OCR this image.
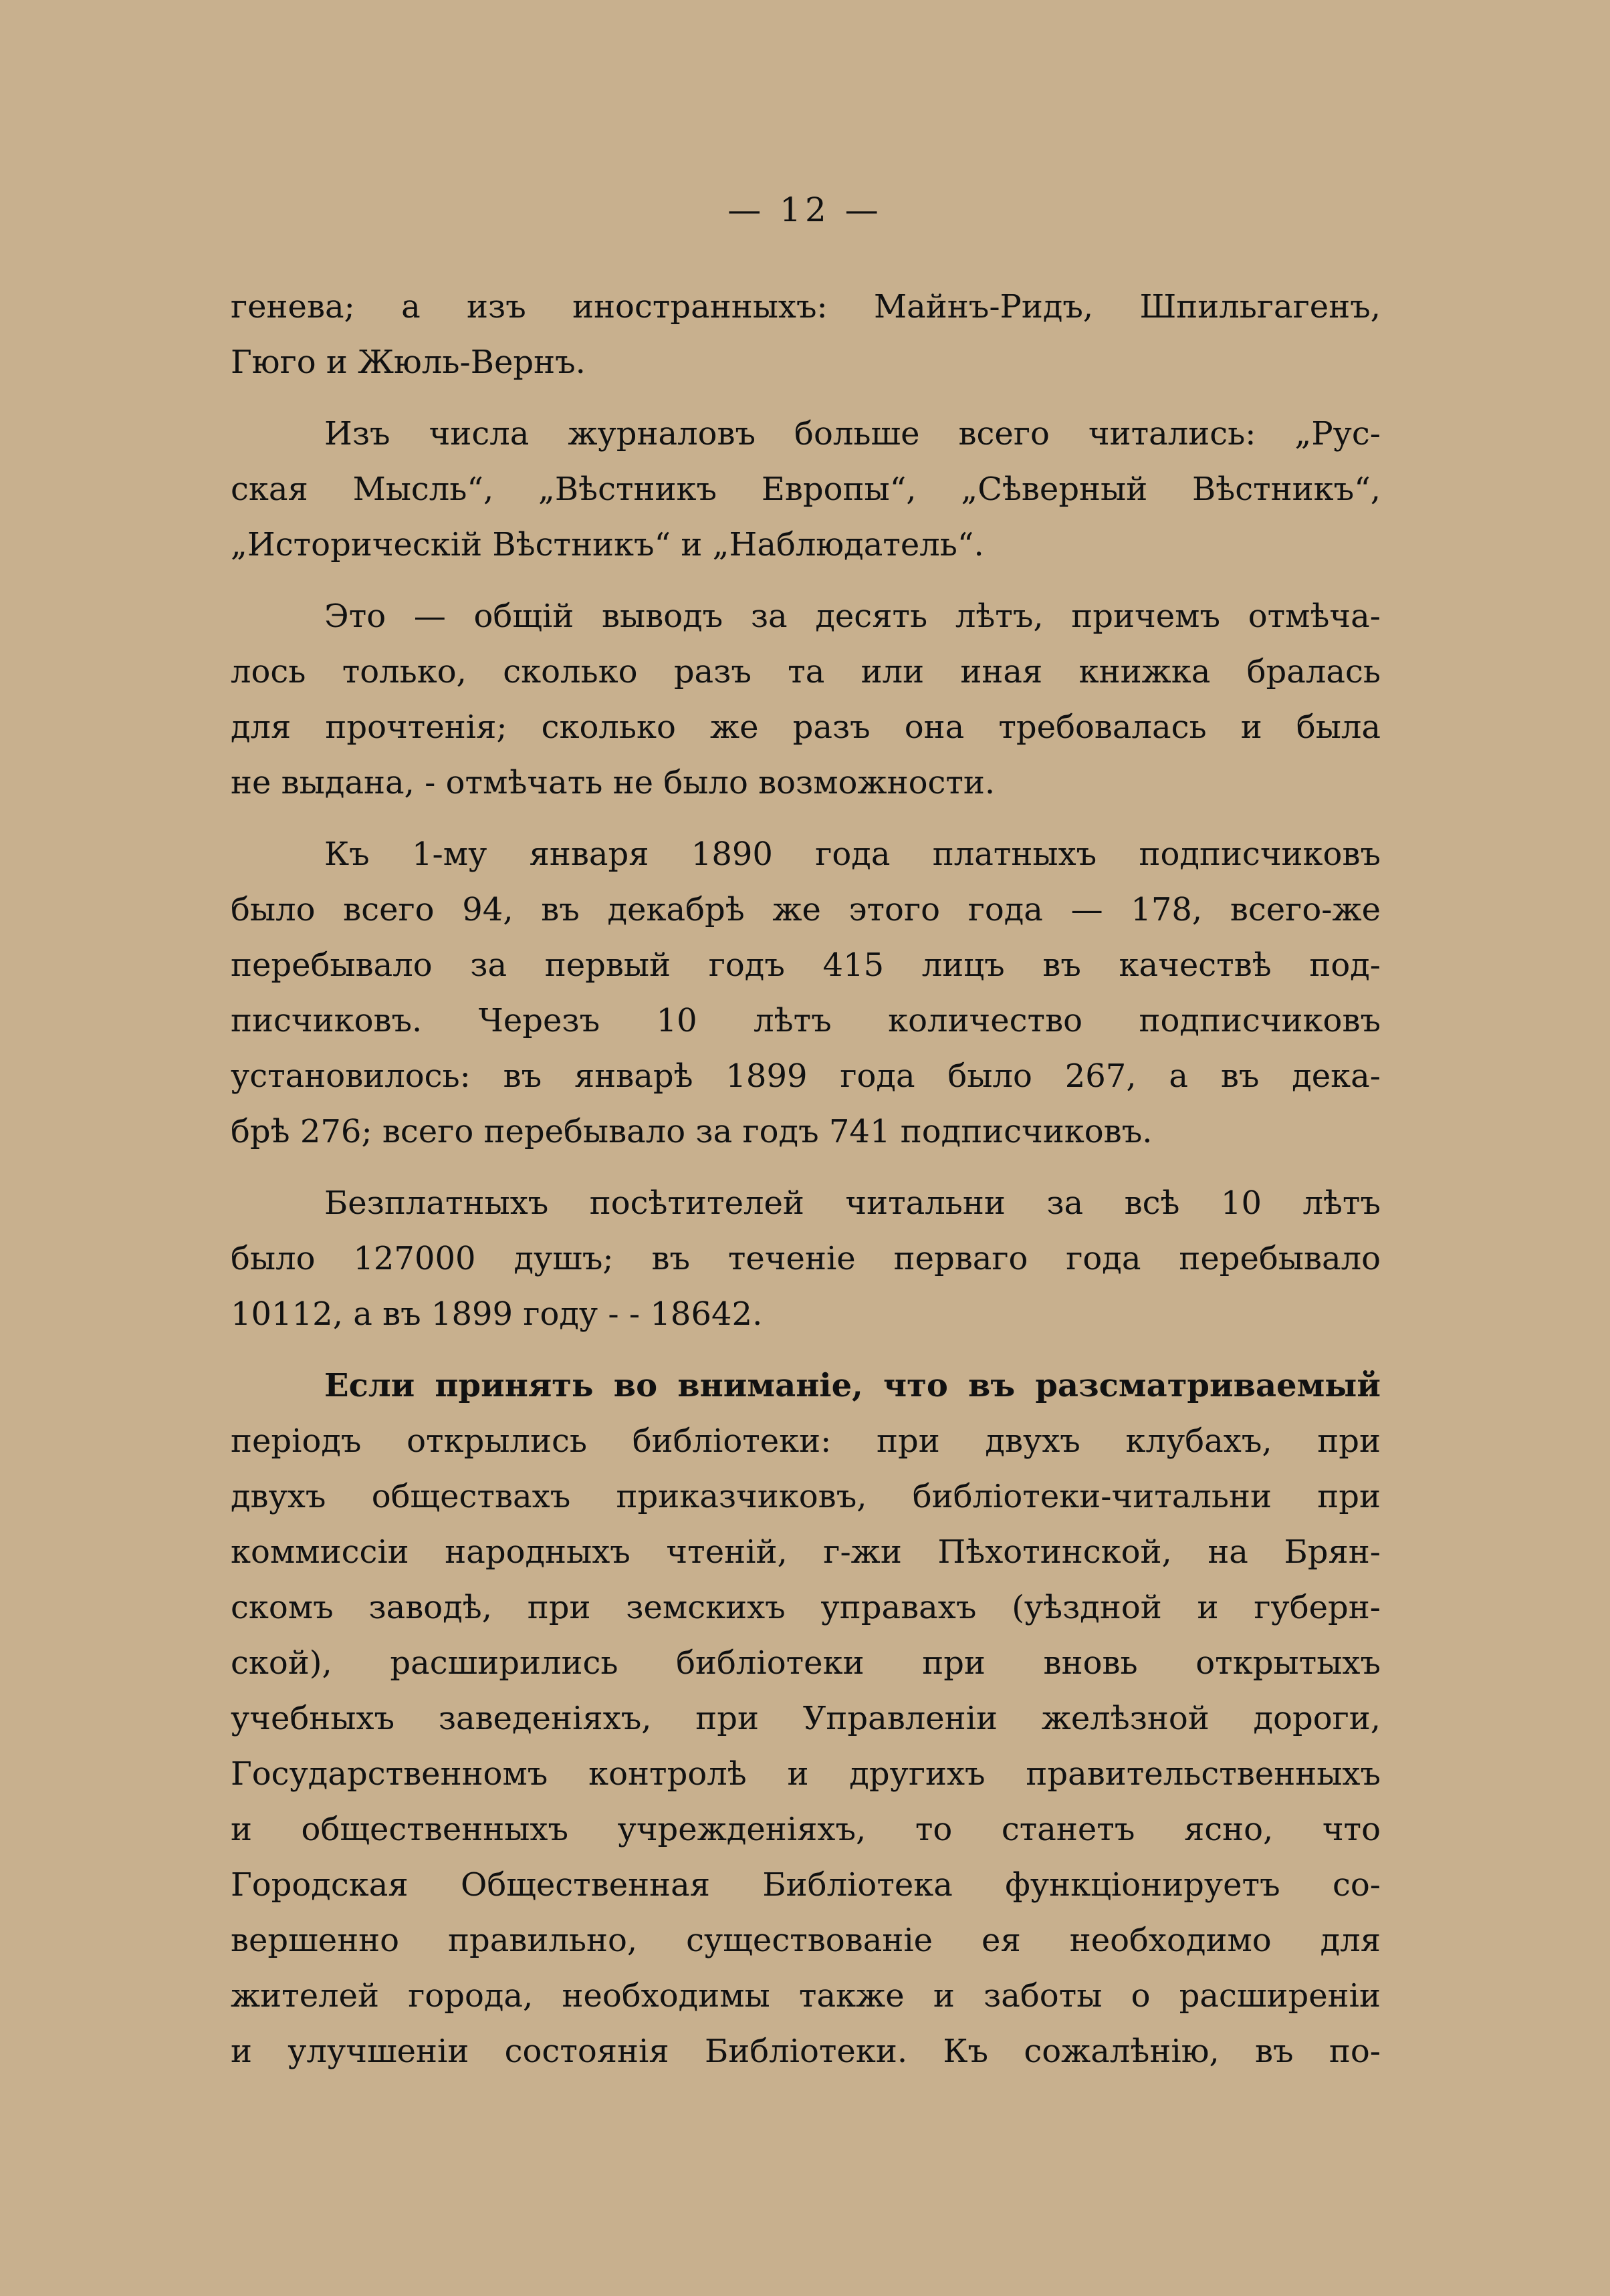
— 12 —
генева; а изъ иностранныхъ: Майнъ-Ридъ, Шпильгагенъ,
Гюго и Жюль-Вернъ.
Изъ числа журналовъ больше всего читались: „Рус-
ская Мысль“, „Вѣстникъ Европы“, „Сѣверный Вѣстникъ“,
„Историческій Вѣстникъ“ и „Наблюдатель“.
Это — общій выводъ за десять лѣтъ, причемъ отмѣча-
лось только, сколько разъ та или иная книжка бралась
для прочтенія; сколько же разъ она требовалась и была
не выдана, - отмѣчать не было возможности.
Къ 1-му января 1890 года платныхъ подписчиковъ
было всего 94, въ декабрѣ же этого года — 178, всего-же
перебывало за первый годъ 415 лицъ въ качествѣ под-
писчиковъ. Черезъ 10 лѣтъ количество подписчиковъ
установилось: въ январѣ 1899 года было 267, а въ дека-
брѣ 276; всего перебывало за годъ 741 подписчиковъ.
Безплатныхъ посѣтителей читальни за всѣ 10 лѣтъ
было 127000 душъ; въ теченіе перваго года перебывало
10112, а въ 1899 году - - 18642.
Если принять во вниманіе, что въ разсматриваемый
періодъ открылись библіотеки: при двухъ клубахъ, при
двухъ обществахъ приказчиковъ, библіотеки-читальни при
коммиссіи народныхъ чтеній, г-жи Пѣхотинской, на Брян-
скомъ заводѣ, при земскихъ управахъ (уѣздной и губерн-
ской), расширились библіотеки при вновь открытыхъ
учебныхъ заведеніяхъ, при Управленіи желѣзной дороги,
Государственномъ контролѣ и другихъ правительственныхъ
и общественныхъ учрежденіяхъ, то станетъ ясно, что
Городская Общественная Библіотека функціонируетъ со-
вершенно правильно, существованіе ея необходимо для
жителей города, необходимы также и заботы о расширеніи
и улучшеніи состоянія Библіотеки. Къ сожалѣнію, въ по-
